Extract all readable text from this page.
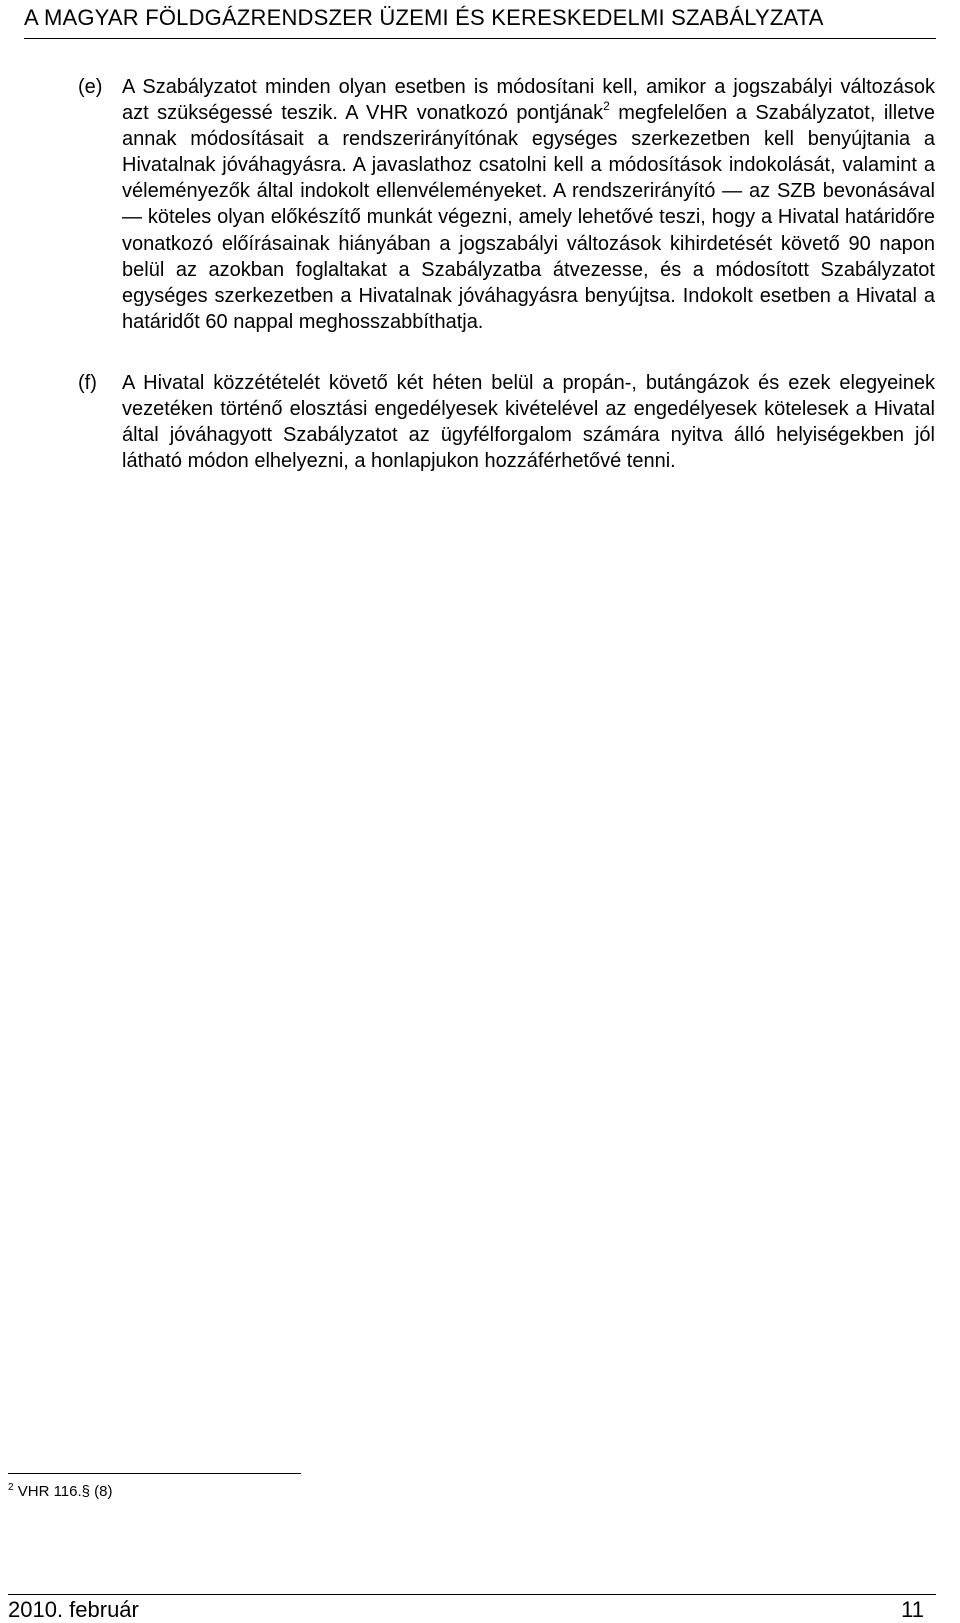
A MAGYAR FÖLDGÁZRENDSZER ÜZEMI ÉS KERESKEDELMI SZABÁLYZATA
(e) A Szabályzatot minden olyan esetben is módosítani kell, amikor a jogszabályi változások azt szükségessé teszik. A VHR vonatkozó pontjának$^2$ megfelelően a Szabályzatot, illetve annak módosításait a rendszerirányítónak egységes szerkezetben kell benyújtania a Hivatalnak jóváhagyásra. A javaslathoz csatolni kell a módosítások indokolását, valamint a véleményezők által indokolt ellenvéleményeket. A rendszerirányító — az SZB bevonásával — köteles olyan előkészítő munkát végezni, amely lehetővé teszi, hogy a Hivatal határidőre vonatkozó előírásainak hiányában a jogszabályi változások kihirdetését követő 90 napon belül az azokban foglaltakat a Szabályzatba átvezesse, és a módosított Szabályzatot egységes szerkezetben a Hivatalnak jóváhagyásra benyújtsa. Indokolt esetben a Hivatal a határidőt 60 nappal meghosszabbíthatja.
(f) A Hivatal közzétételét követő két héten belül a propán-, butángázok és ezek elegyeinek vezetéken történő elosztási engedélyesek kivételével az engedélyesek kötelesek a Hivatal által jóváhagyott Szabályzatot az ügyfélforgalom számára nyitva álló helyiségekben jól látható módon elhelyezni, a honlapjukon hozzáférhetővé tenni.
$^2$ VHR 116.§ (8)
2010. február	11
